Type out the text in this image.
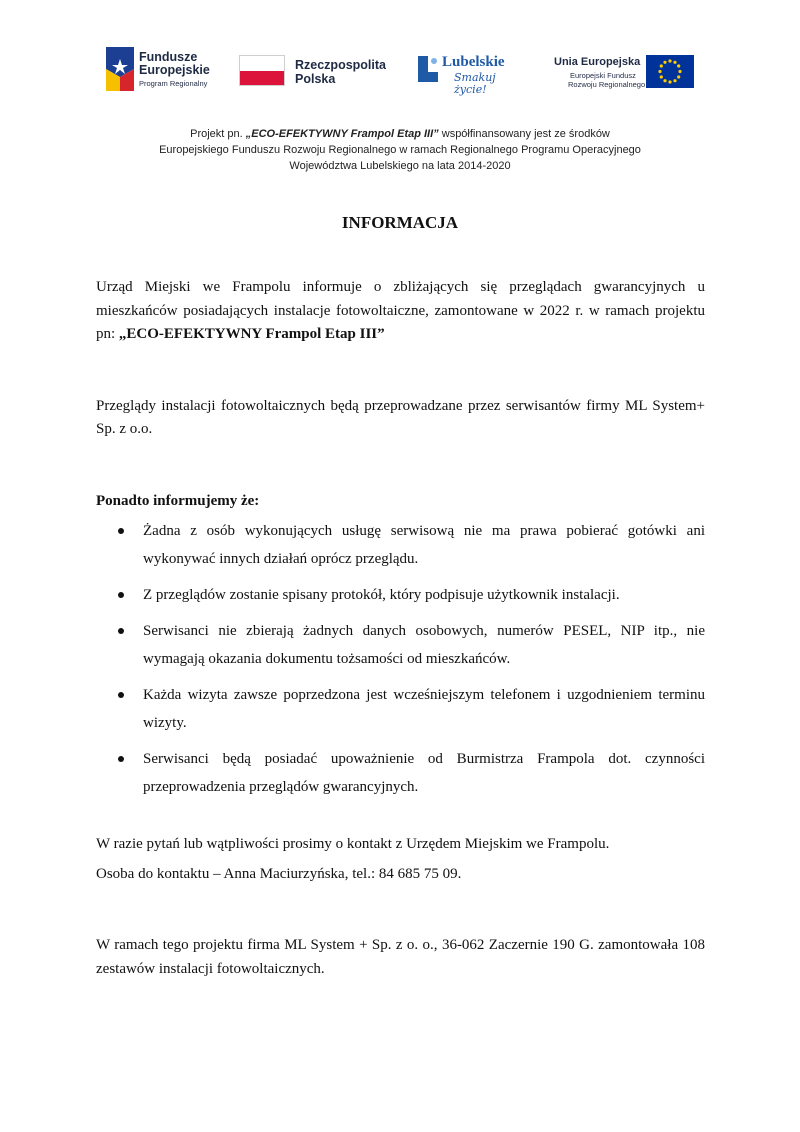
Fundusze
Europejskie
Program Regionalny
Rzeczpospolita
Polska
Lubelskie
Smakuj życie!
Unia Europejska
Europejski Fundusz
Rozwoju Regionalnego
Projekt pn. „ECO-EFEKTYWNY Frampol Etap III” współfinansowany jest ze środków
Europejskiego Funduszu Rozwoju Regionalnego w ramach Regionalnego Programu Operacyjnego
Województwa Lubelskiego na lata 2014-2020
INFORMACJA

Urząd Miejski we Frampolu informuje o zbliżających się przeglądach gwarancyjnych u mieszkańców posiadających instalacje fotowoltaiczne, zamontowane w 2022 r. w ramach projektu pn: „ECO-EFEKTYWNY Frampol Etap III”

Przeglądy instalacji fotowoltaicznych będą przeprowadzane przez serwisantów firmy ML System+ Sp. z o.o.

Ponadto informujemy że:

Żadna z osób wykonujących usługę serwisową nie ma prawa pobierać gotówki ani wykonywać innych działań oprócz przeglądu.
Z przeglądów zostanie spisany protokół, który podpisuje użytkownik instalacji.
Serwisanci nie zbierają żadnych danych osobowych, numerów PESEL, NIP itp., nie wymagają okazania dokumentu tożsamości od mieszkańców.
Każda wizyta zawsze poprzedzona jest wcześniejszym telefonem i uzgodnieniem terminu wizyty.
Serwisanci będą posiadać upoważnienie od Burmistrza Frampola dot. czynności przeprowadzenia przeglądów gwarancyjnych.

W razie pytań lub wątpliwości prosimy o kontakt z Urzędem Miejskim we Frampolu.

Osoba do kontaktu – Anna Maciurzyńska, tel.: 84 685 75 09.

W ramach tego projektu firma ML System + Sp. z o. o., 36-062 Zaczernie 190 G. zamontowała 108 zestawów instalacji fotowoltaicznych.
